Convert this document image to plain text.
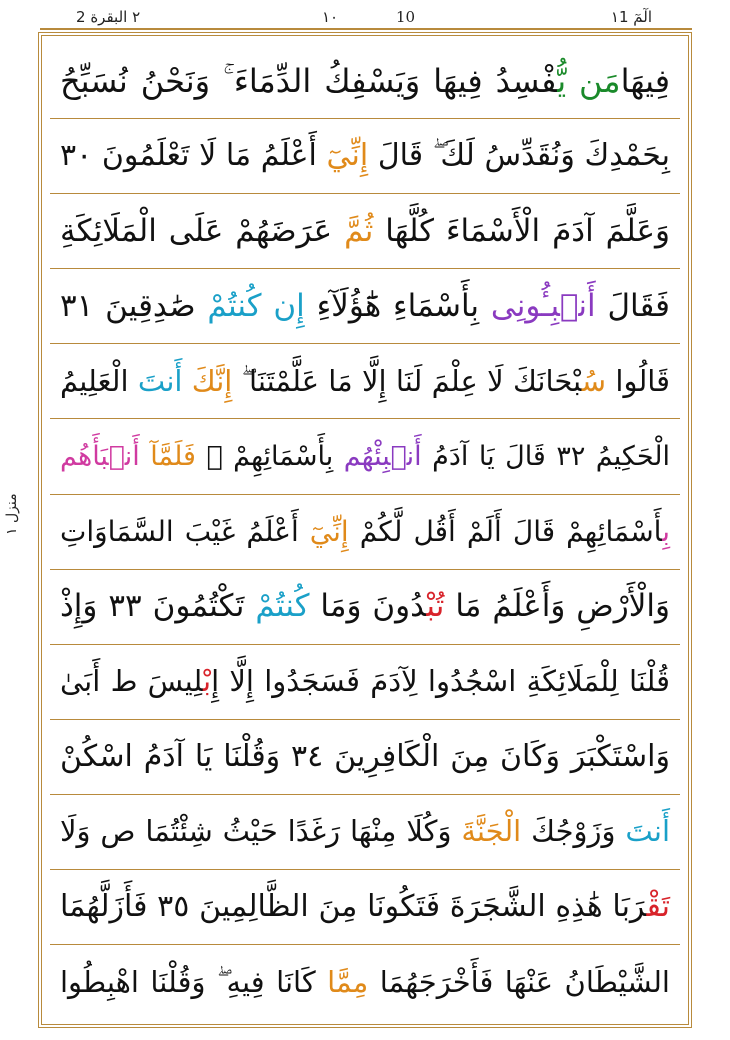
٢ البقرة 2	١٠	10	الٓمٓ ١1
منزل ١
فِيهَامَن يُّفْسِدُ فِيهَا وَيَسْفِكُ الدِّمَاءَ ۚ وَنَحْنُ نُسَبِّحُ
بِحَمْدِكَ وَنُقَدِّسُ لَكَ ۖ قَالَ إِنِّيٓ أَعْلَمُ مَا لَا تَعْلَمُونَ ٣٠
وَعَلَّمَ آدَمَ الْأَسْمَاءَ كُلَّهَا ثُمَّ عَرَضَهُمْ عَلَى الْمَلَائِكَةِ
فَقَالَ أَنۢبِـُٔونِى بِأَسْمَاءِ هَٰٓؤُلَآءِ إِن كُنتُمْ صَٰدِقِينَ ٣١
قَالُوا سُبْحَانَكَ لَا عِلْمَ لَنَا إِلَّا مَا عَلَّمْتَنَا ۖ إِنَّكَ أَنتَ الْعَلِيمُ
الْحَكِيمُ ٣٢ قَالَ يَا آدَمُ أَنۢبِئْهُم بِأَسْمَائِهِمْ ۖ فَلَمَّآ أَنۢبَأَهُم
بِأَسْمَائِهِمْ قَالَ أَلَمْ أَقُل لَّكُمْ إِنِّيٓ أَعْلَمُ غَيْبَ السَّمَاوَاتِ
وَالْأَرْضِ وَأَعْلَمُ مَا تُبْدُونَ وَمَا كُنتُمْ تَكْتُمُونَ ٣٣ وَإِذْ
قُلْنَا لِلْمَلَائِكَةِ اسْجُدُوا لِآدَمَ فَسَجَدُوا إِلَّا إِبْلِيسَ ط أَبَىٰ
وَاسْتَكْبَرَ وَكَانَ مِنَ الْكَافِرِينَ ٣٤ وَقُلْنَا يَا آدَمُ اسْكُنْ
أَنتَ وَزَوْجُكَ الْجَنَّةَ وَكُلَا مِنْهَا رَغَدًا حَيْثُ شِئْتُمَا ص وَلَا
تَقْرَبَا هَٰذِهِ الشَّجَرَةَ فَتَكُونَا مِنَ الظَّالِمِينَ ٣٥ فَأَزَلَّهُمَا
الشَّيْطَانُ عَنْهَا فَأَخْرَجَهُمَا مِمَّا كَانَا فِيهِ ۖ وَقُلْنَا اهْبِطُوا
